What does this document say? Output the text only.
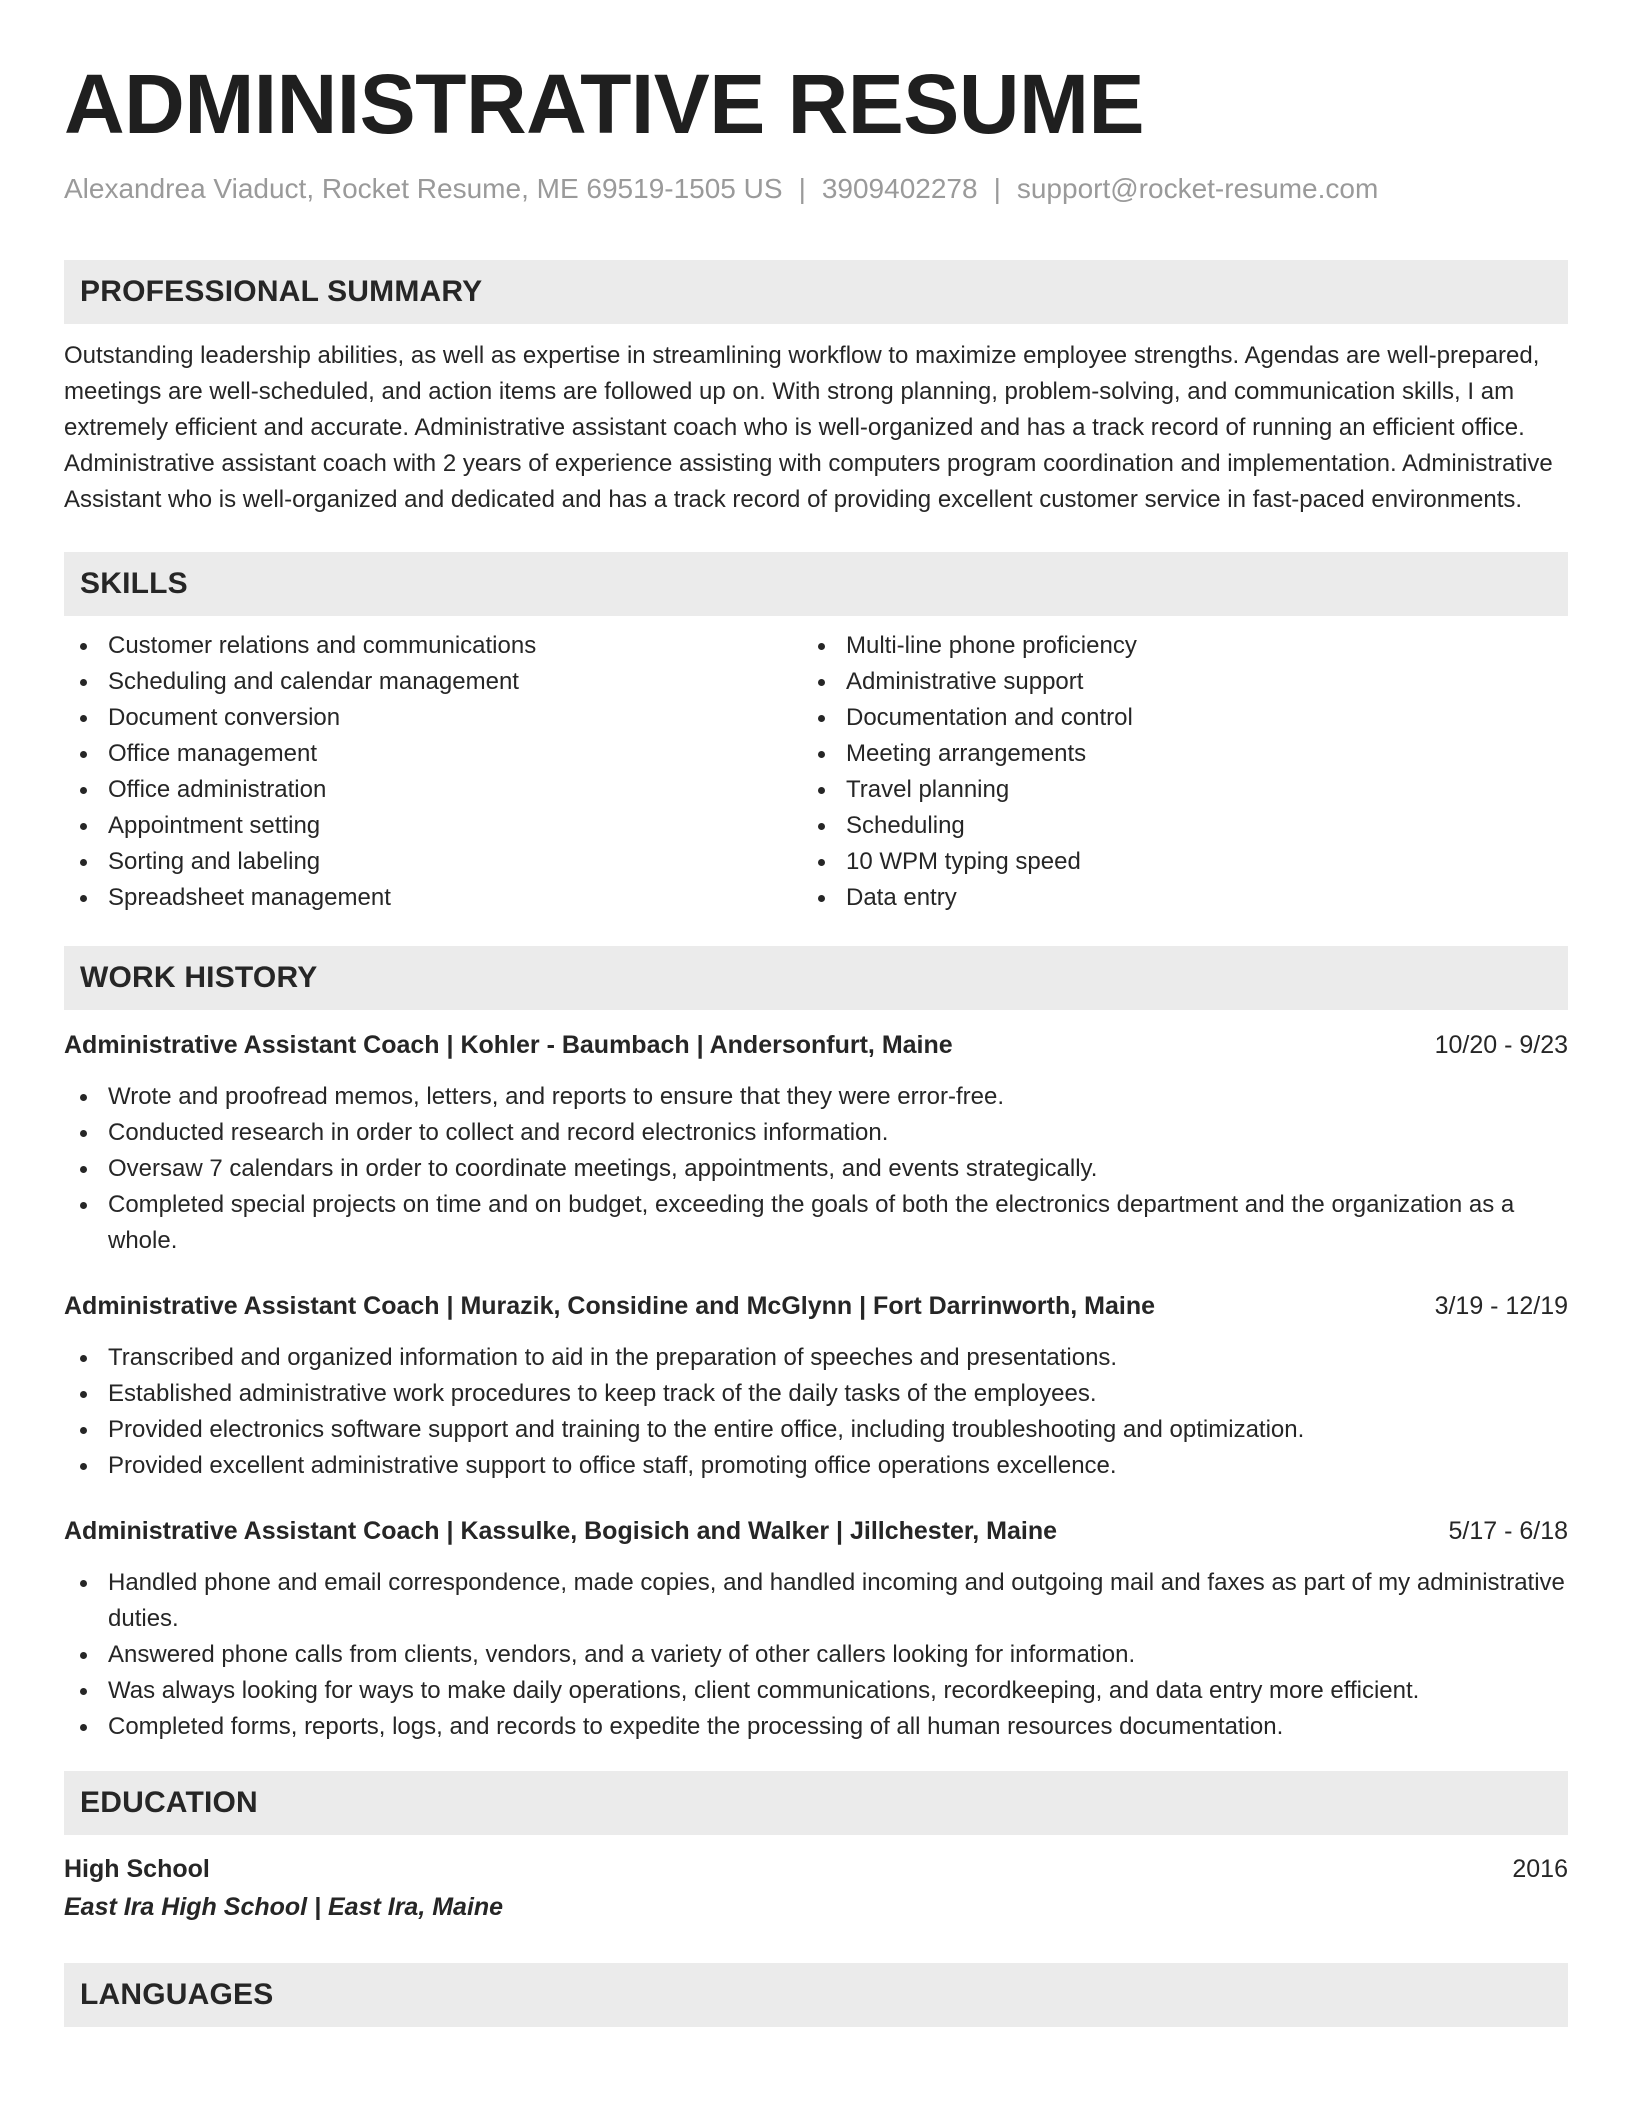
ADMINISTRATIVE RESUME
Alexandrea Viaduct, Rocket Resume, ME 69519-1505 US | 3909402278 | support@rocket-resume.com
PROFESSIONAL SUMMARY

Outstanding leadership abilities, as well as expertise in streamlining workflow to maximize employee strengths. Agendas are well-prepared, meetings are well-scheduled, and action items are followed up on. With strong planning, problem-solving, and communication skills, I am extremely efficient and accurate. Administrative assistant coach who is well-organized and has a track record of running an efficient office. Administrative assistant coach with 2 years of experience assisting with computers program coordination and implementation. Administrative Assistant who is well-organized and dedicated and has a track record of providing excellent customer service in fast-paced environments.

SKILLS
Customer relations and communications
Scheduling and calendar management
Document conversion
Office management
Office administration
Appointment setting
Sorting and labeling
Spreadsheet management
Multi-line phone proficiency
Administrative support
Documentation and control
Meeting arrangements
Travel planning
Scheduling
10 WPM typing speed
Data entry
WORK HISTORY
Administrative Assistant Coach | Kohler - Baumbach | Andersonfurt, Maine	10/20 - 9/23
Wrote and proofread memos, letters, and reports to ensure that they were error-free.
Conducted research in order to collect and record electronics information.
Oversaw 7 calendars in order to coordinate meetings, appointments, and events strategically.
Completed special projects on time and on budget, exceeding the goals of both the electronics department and the organization as a whole.
Administrative Assistant Coach | Murazik, Considine and McGlynn | Fort Darrinworth, Maine	3/19 - 12/19
Transcribed and organized information to aid in the preparation of speeches and presentations.
Established administrative work procedures to keep track of the daily tasks of the employees.
Provided electronics software support and training to the entire office, including troubleshooting and optimization.
Provided excellent administrative support to office staff, promoting office operations excellence.
Administrative Assistant Coach | Kassulke, Bogisich and Walker | Jillchester, Maine	5/17 - 6/18
Handled phone and email correspondence, made copies, and handled incoming and outgoing mail and faxes as part of my administrative duties.
Answered phone calls from clients, vendors, and a variety of other callers looking for information.
Was always looking for ways to make daily operations, client communications, recordkeeping, and data entry more efficient.
Completed forms, reports, logs, and records to expedite the processing of all human resources documentation.
EDUCATION
High School	2016
East Ira High School | East Ira, Maine
LANGUAGES
